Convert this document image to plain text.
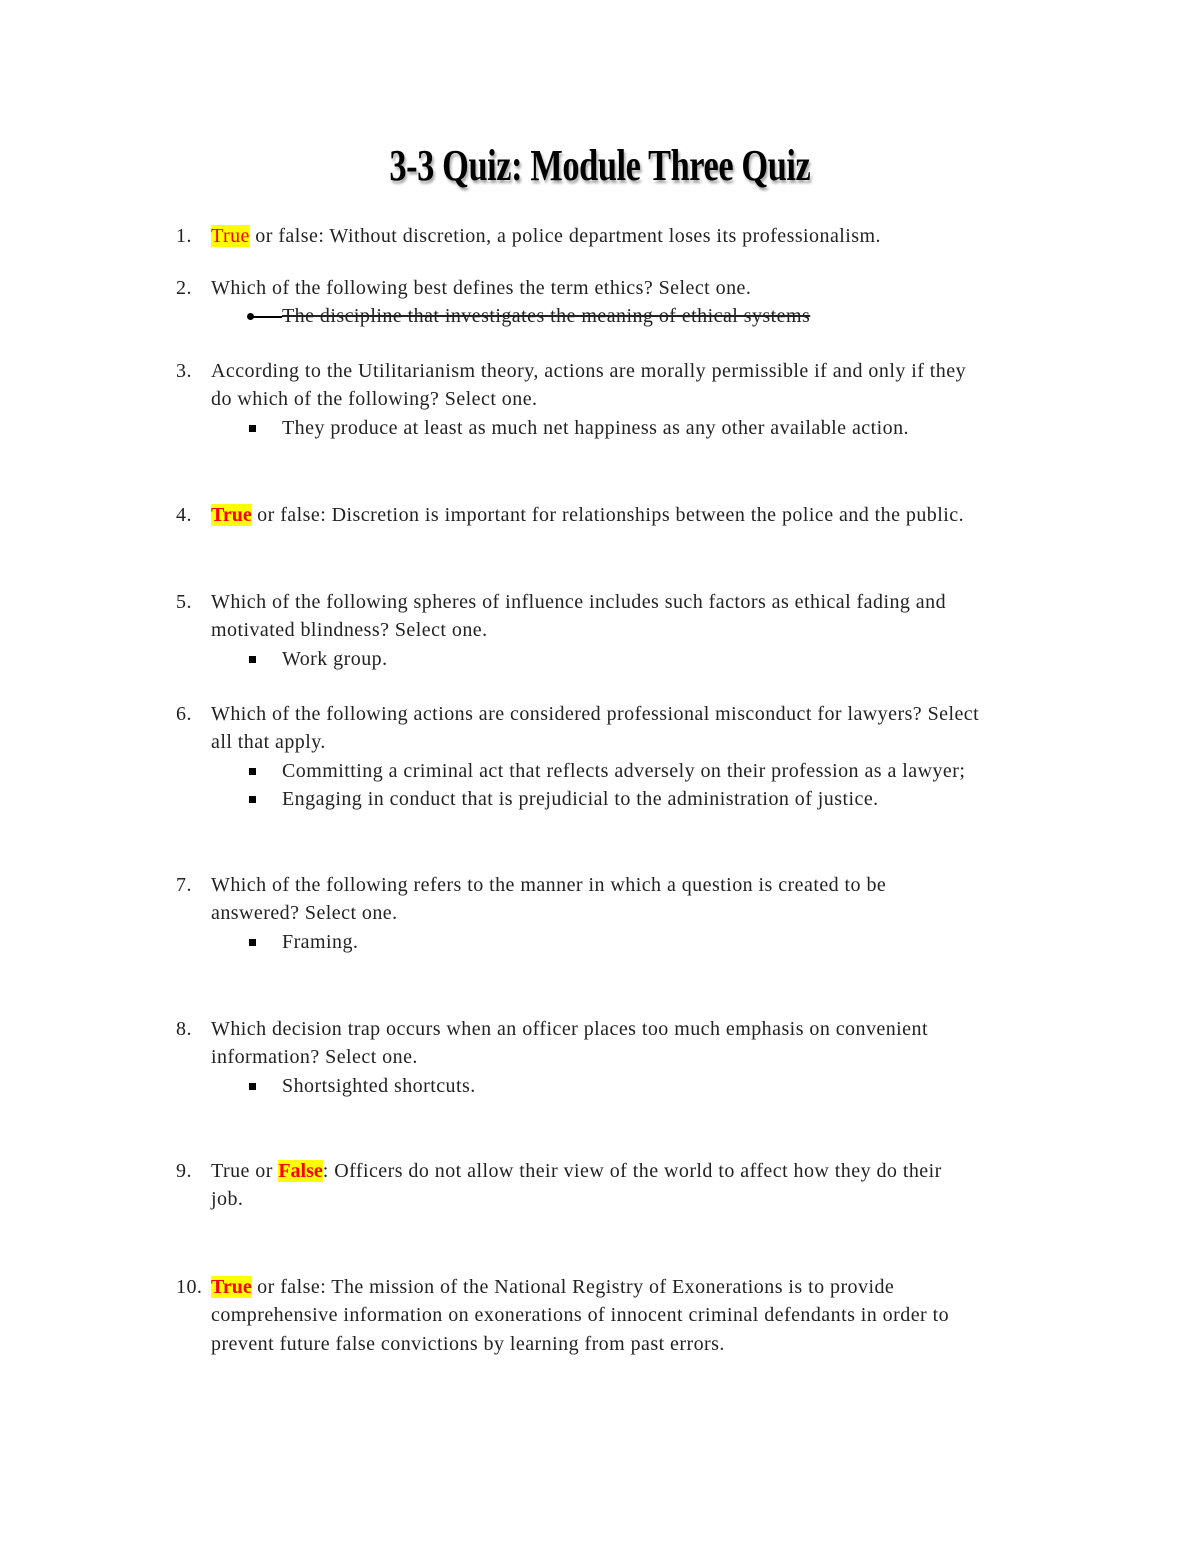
3-3 Quiz: Module Three Quiz
1. True or false: Without discretion, a police department loses its professionalism.
2. Which of the following best defines the term ethics? Select one.
The discipline that investigates the meaning of ethical systems
3. According to the Utilitarianism theory, actions are morally permissible if and only if they
do which of the following? Select one.
They produce at least as much net happiness as any other available action.
4. True or false: Discretion is important for relationships between the police and the public.
5. Which of the following spheres of influence includes such factors as ethical fading and
motivated blindness? Select one.
Work group.
6. Which of the following actions are considered professional misconduct for lawyers? Select
all that apply.
Committing a criminal act that reflects adversely on their profession as a lawyer;
Engaging in conduct that is prejudicial to the administration of justice.
7. Which of the following refers to the manner in which a question is created to be
answered? Select one.
Framing.
8. Which decision trap occurs when an officer places too much emphasis on convenient
information? Select one.
Shortsighted shortcuts.
9. True or False: Officers do not allow their view of the world to affect how they do their
job.
10. True or false: The mission of the National Registry of Exonerations is to provide
comprehensive information on exonerations of innocent criminal defendants in order to
prevent future false convictions by learning from past errors.
